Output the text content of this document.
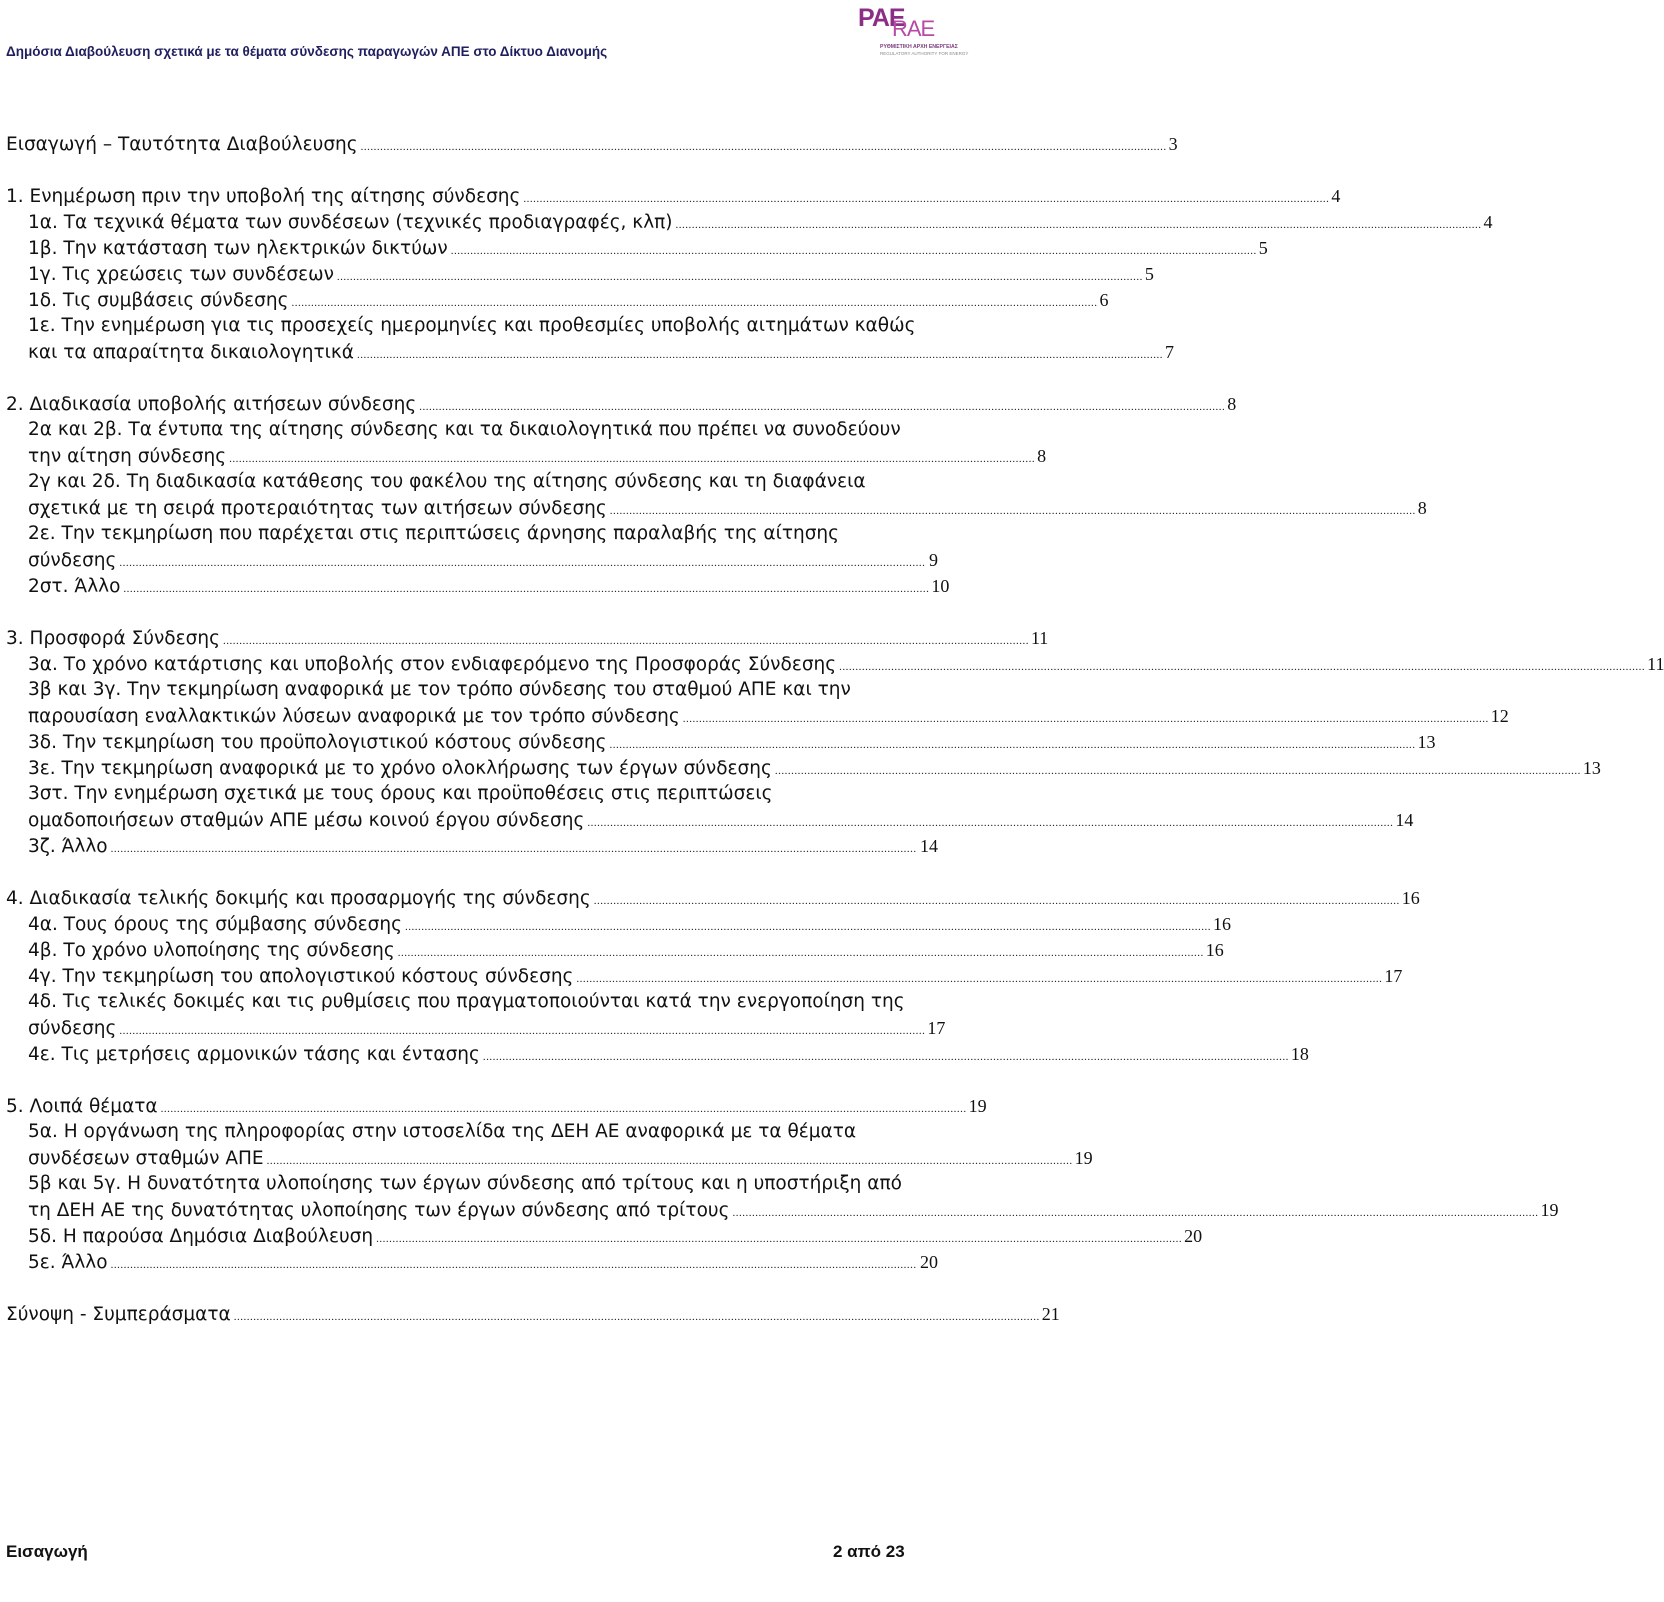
Δημόσια Διαβούλευση σχετικά με τα θέματα σύνδεσης παραγωγών ΑΠΕ στο Δίκτυο Διανομής
PAE
RAE
ΡΥΘΜΙΣΤΙΚΗ ΑΡΧΗ ΕΝΕΡΓΕΙΑΣ
REGULATORY AUTHORITY FOR ENERGY
Εισαγωγή – Ταυτότητα Διαβούλευσης ........................................................................................................................................................................................................................................................ 3
1. Ενημέρωση πριν την υποβολή της αίτησης σύνδεσης ........................................................................................................................................................................................................................................................ 4
1α. Τα τεχνικά θέματα των συνδέσεων (τεχνικές προδιαγραφές, κλπ) ........................................................................................................................................................................................................................................................ 4
1β. Την κατάσταση των ηλεκτρικών δικτύων ........................................................................................................................................................................................................................................................ 5
1γ. Τις χρεώσεις των συνδέσεων ........................................................................................................................................................................................................................................................ 5
1δ. Τις συμβάσεις σύνδεσης ........................................................................................................................................................................................................................................................ 6
1ε. Την ενημέρωση για τις προσεχείς ημερομηνίες και προθεσμίες υποβολής αιτημάτων καθώς
και τα απαραίτητα δικαιολογητικά ........................................................................................................................................................................................................................................................ 7
2. Διαδικασία υποβολής αιτήσεων σύνδεσης ........................................................................................................................................................................................................................................................ 8
2α και 2β. Τα έντυπα της αίτησης σύνδεσης και τα δικαιολογητικά που πρέπει να συνοδεύουν
την αίτηση σύνδεσης ........................................................................................................................................................................................................................................................ 8
2γ και 2δ. Τη διαδικασία κατάθεσης του φακέλου της αίτησης σύνδεσης και τη διαφάνεια
σχετικά με τη σειρά προτεραιότητας των αιτήσεων σύνδεσης ........................................................................................................................................................................................................................................................ 8
2ε. Την τεκμηρίωση που παρέχεται στις περιπτώσεις άρνησης παραλαβής της αίτησης
σύνδεσης ........................................................................................................................................................................................................................................................ 9
2στ. Άλλο ........................................................................................................................................................................................................................................................ 10
3. Προσφορά Σύνδεσης ........................................................................................................................................................................................................................................................ 11
3α. Το χρόνο κατάρτισης και υποβολής στον ενδιαφερόμενο της Προσφοράς Σύνδεσης ........................................................................................................................................................................................................................................................ 11
3β και 3γ. Την τεκμηρίωση αναφορικά με τον τρόπο σύνδεσης του σταθμού ΑΠΕ και την
παρουσίαση εναλλακτικών λύσεων αναφορικά με τον τρόπο σύνδεσης ........................................................................................................................................................................................................................................................ 12
3δ. Την τεκμηρίωση του προϋπολογιστικού κόστους σύνδεσης ........................................................................................................................................................................................................................................................ 13
3ε. Την τεκμηρίωση αναφορικά με το χρόνο ολοκλήρωσης των έργων σύνδεσης ........................................................................................................................................................................................................................................................ 13
3στ. Την ενημέρωση σχετικά με τους όρους και προϋποθέσεις στις περιπτώσεις
ομαδοποιήσεων σταθμών ΑΠΕ μέσω κοινού έργου σύνδεσης ........................................................................................................................................................................................................................................................ 14
3ζ. Άλλο ........................................................................................................................................................................................................................................................ 14
4. Διαδικασία τελικής δοκιμής και προσαρμογής της σύνδεσης ........................................................................................................................................................................................................................................................ 16
4α. Τους όρους της σύμβασης σύνδεσης ........................................................................................................................................................................................................................................................ 16
4β. Το χρόνο υλοποίησης της σύνδεσης ........................................................................................................................................................................................................................................................ 16
4γ. Την τεκμηρίωση του απολογιστικού κόστους σύνδεσης ........................................................................................................................................................................................................................................................ 17
4δ. Τις τελικές δοκιμές και τις ρυθμίσεις που πραγματοποιούνται κατά την ενεργοποίηση της
σύνδεσης ........................................................................................................................................................................................................................................................ 17
4ε. Τις μετρήσεις αρμονικών τάσης και έντασης ........................................................................................................................................................................................................................................................ 18
5. Λοιπά θέματα ........................................................................................................................................................................................................................................................ 19
5α. Η οργάνωση της πληροφορίας στην ιστοσελίδα της ΔΕΗ ΑΕ αναφορικά με τα θέματα
συνδέσεων σταθμών ΑΠΕ ........................................................................................................................................................................................................................................................ 19
5β και 5γ. Η δυνατότητα υλοποίησης των έργων σύνδεσης από τρίτους και η υποστήριξη από
τη ΔΕΗ ΑΕ της δυνατότητας υλοποίησης των έργων σύνδεσης από τρίτους ........................................................................................................................................................................................................................................................ 19
5δ. Η παρούσα Δημόσια Διαβούλευση ........................................................................................................................................................................................................................................................ 20
5ε. Άλλο ........................................................................................................................................................................................................................................................ 20
Σύνοψη - Συμπεράσματα ........................................................................................................................................................................................................................................................ 21
Εισαγωγή	2 από 23
